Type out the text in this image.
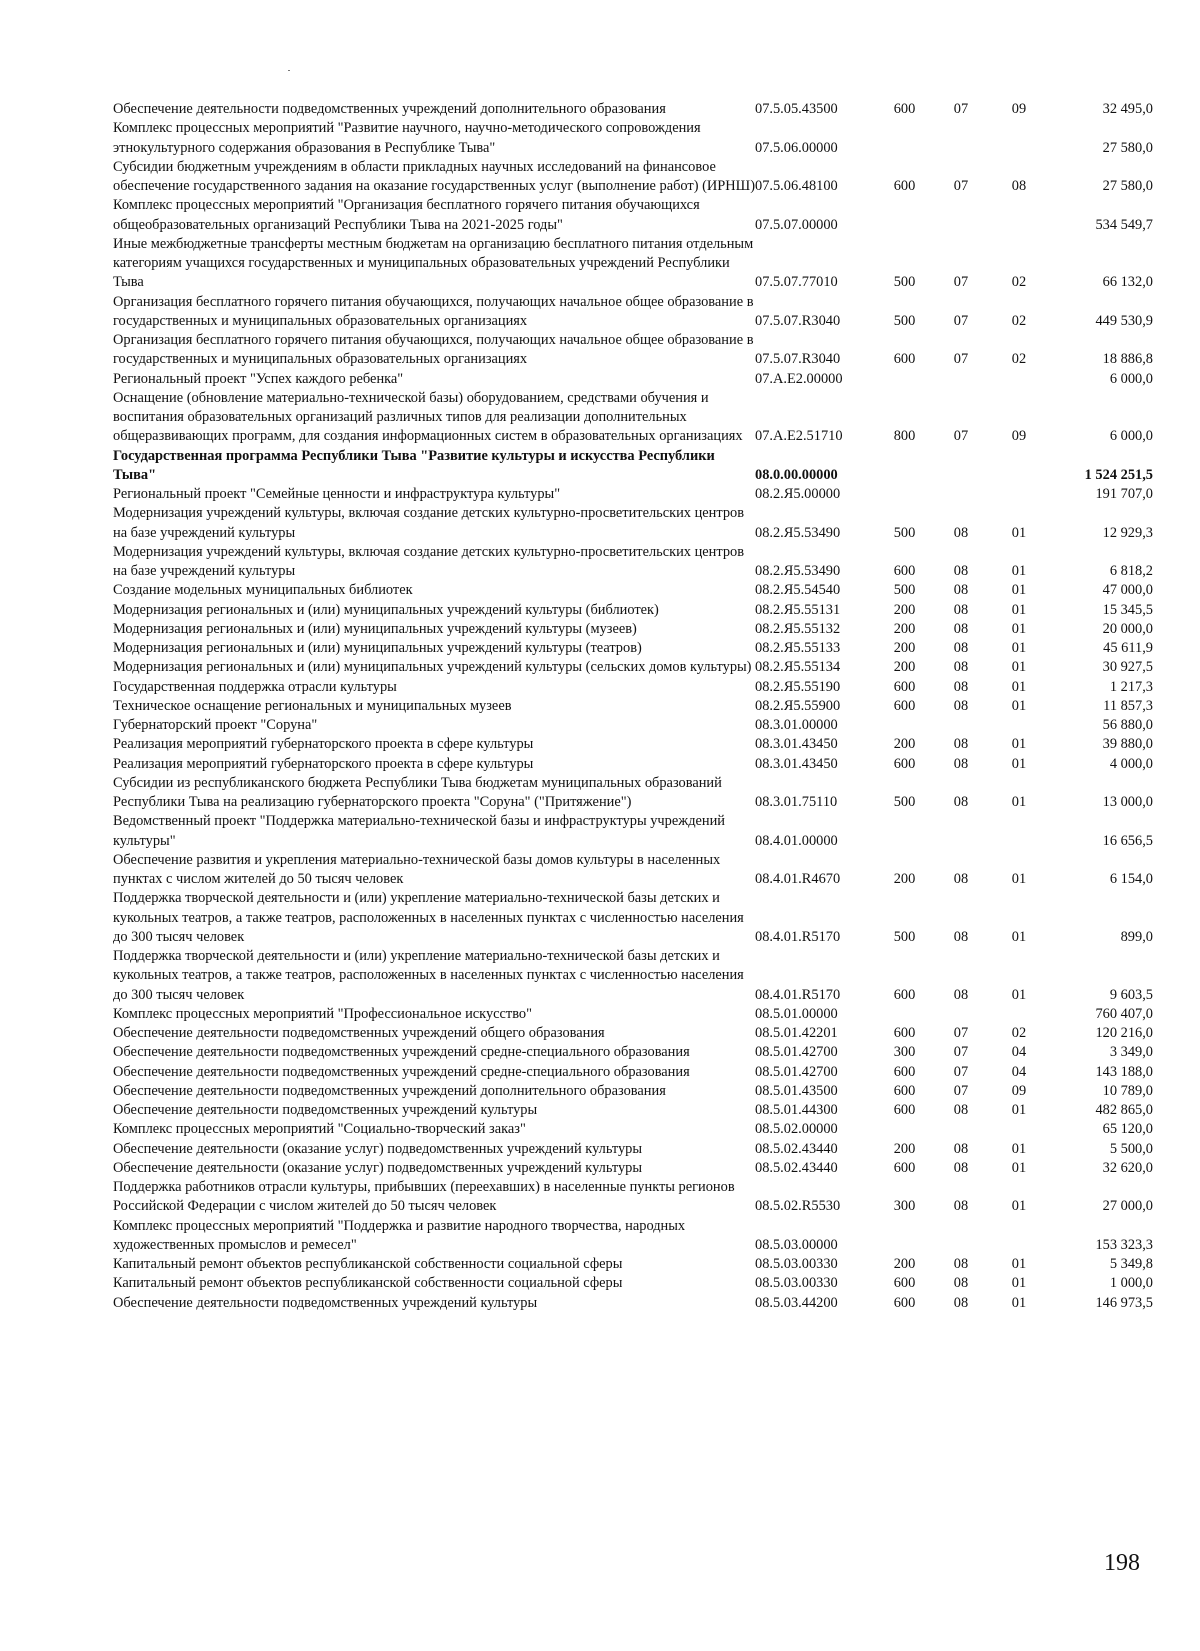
Обеспечение деятельности подведомственных учреждений дополнительного образования	07.5.05.43500	600	07	09	32 495,0
Комплекс процессных мероприятий "Развитие научного, научно-методического сопровождения этнокультурного содержания образования в Республике Тыва"	07.5.06.00000				27 580,0
Субсидии бюджетным учреждениям в области прикладных научных исследований на финансовое обеспечение государственного задания на оказание государственных услуг (выполнение работ) (ИРНШ)	07.5.06.48100	600	07	08	27 580,0
Комплекс процессных мероприятий "Организация бесплатного горячего питания обучающихся общеобразовательных организаций Республики Тыва на 2021-2025 годы"	07.5.07.00000				534 549,7
Иные межбюджетные трансферты местным бюджетам на организацию бесплатного питания отдельным категориям учащихся государственных и муниципальных образовательных учреждений Республики Тыва	07.5.07.77010	500	07	02	66 132,0
Организация бесплатного горячего питания обучающихся, получающих начальное общее образование в государственных и муниципальных образовательных организациях	07.5.07.R3040	500	07	02	449 530,9
Организация бесплатного горячего питания обучающихся, получающих начальное общее образование в государственных и муниципальных образовательных организациях	07.5.07.R3040	600	07	02	18 886,8
Региональный проект "Успех каждого ребенка"	07.А.Е2.00000				6 000,0
Оснащение (обновление материально-технической базы) оборудованием, средствами обучения и воспитания образовательных организаций различных типов для реализации дополнительных общеразвивающих программ, для создания информационных систем в образовательных организациях	07.А.Е2.51710	800	07	09	6 000,0
Государственная программа Республики Тыва "Развитие культуры и искусства Республики Тыва"	08.0.00.00000				1 524 251,5
Региональный проект "Семейные ценности и инфраструктура культуры"	08.2.Я5.00000				191 707,0
Модернизация учреждений культуры, включая создание детских культурно-просветительских центров на базе учреждений культуры	08.2.Я5.53490	500	08	01	12 929,3
Модернизация учреждений культуры, включая создание детских культурно-просветительских центров на базе учреждений культуры	08.2.Я5.53490	600	08	01	6 818,2
Создание модельных муниципальных библиотек	08.2.Я5.54540	500	08	01	47 000,0
Модернизация региональных и (или) муниципальных учреждений культуры (библиотек)	08.2.Я5.55131	200	08	01	15 345,5
Модернизация региональных и (или) муниципальных учреждений культуры (музеев)	08.2.Я5.55132	200	08	01	20 000,0
Модернизация региональных и (или) муниципальных учреждений культуры (театров)	08.2.Я5.55133	200	08	01	45 611,9
Модернизация региональных и (или) муниципальных учреждений культуры (сельских домов культуры)	08.2.Я5.55134	200	08	01	30 927,5
Государственная поддержка отрасли культуры	08.2.Я5.55190	600	08	01	1 217,3
Техническое оснащение региональных и муниципальных музеев	08.2.Я5.55900	600	08	01	11 857,3
Губернаторский проект "Соруна"	08.3.01.00000				56 880,0
Реализация мероприятий губернаторского проекта в сфере культуры	08.3.01.43450	200	08	01	39 880,0
Реализация мероприятий губернаторского проекта в сфере культуры	08.3.01.43450	600	08	01	4 000,0
Субсидии из республиканского бюджета Республики Тыва бюджетам муниципальных образований Республики Тыва на реализацию губернаторского проекта "Соруна" ("Притяжение")	08.3.01.75110	500	08	01	13 000,0
Ведомственный проект "Поддержка материально-технической базы и инфраструктуры учреждений культуры"	08.4.01.00000				16 656,5
Обеспечение развития и укрепления материально-технической базы домов культуры в населенных пунктах с числом жителей до 50 тысяч человек	08.4.01.R4670	200	08	01	6 154,0
Поддержка творческой деятельности и (или) укрепление материально-технической базы детских и кукольных театров, а также театров, расположенных в населенных пунктах с численностью населения до 300 тысяч человек	08.4.01.R5170	500	08	01	899,0
Поддержка творческой деятельности и (или) укрепление материально-технической базы детских и кукольных театров, а также театров, расположенных в населенных пунктах с численностью населения до 300 тысяч человек	08.4.01.R5170	600	08	01	9 603,5
Комплекс процессных мероприятий "Профессиональное искусство"	08.5.01.00000				760 407,0
Обеспечение деятельности подведомственных учреждений общего образования	08.5.01.42201	600	07	02	120 216,0
Обеспечение деятельности подведомственных учреждений средне-специального образования	08.5.01.42700	300	07	04	3 349,0
Обеспечение деятельности подведомственных учреждений средне-специального образования	08.5.01.42700	600	07	04	143 188,0
Обеспечение деятельности подведомственных учреждений дополнительного образования	08.5.01.43500	600	07	09	10 789,0
Обеспечение деятельности подведомственных учреждений культуры	08.5.01.44300	600	08	01	482 865,0
Комплекс процессных мероприятий "Социально-творческий заказ"	08.5.02.00000				65 120,0
Обеспечение деятельности (оказание услуг) подведомственных учреждений культуры	08.5.02.43440	200	08	01	5 500,0
Обеспечение деятельности (оказание услуг) подведомственных учреждений культуры	08.5.02.43440	600	08	01	32 620,0
Поддержка работников отрасли культуры, прибывших (переехавших) в населенные пункты регионов Российской Федерации с числом жителей до 50 тысяч человек	08.5.02.R5530	300	08	01	27 000,0
Комплекс процессных мероприятий "Поддержка и развитие народного творчества, народных художественных промыслов и ремесел"	08.5.03.00000				153 323,3
Капитальный ремонт объектов республиканской собственности социальной сферы	08.5.03.00330	200	08	01	5 349,8
Капитальный ремонт объектов республиканской собственности социальной сферы	08.5.03.00330	600	08	01	1 000,0
Обеспечение деятельности подведомственных учреждений культуры	08.5.03.44200	600	08	01	146 973,5
198
